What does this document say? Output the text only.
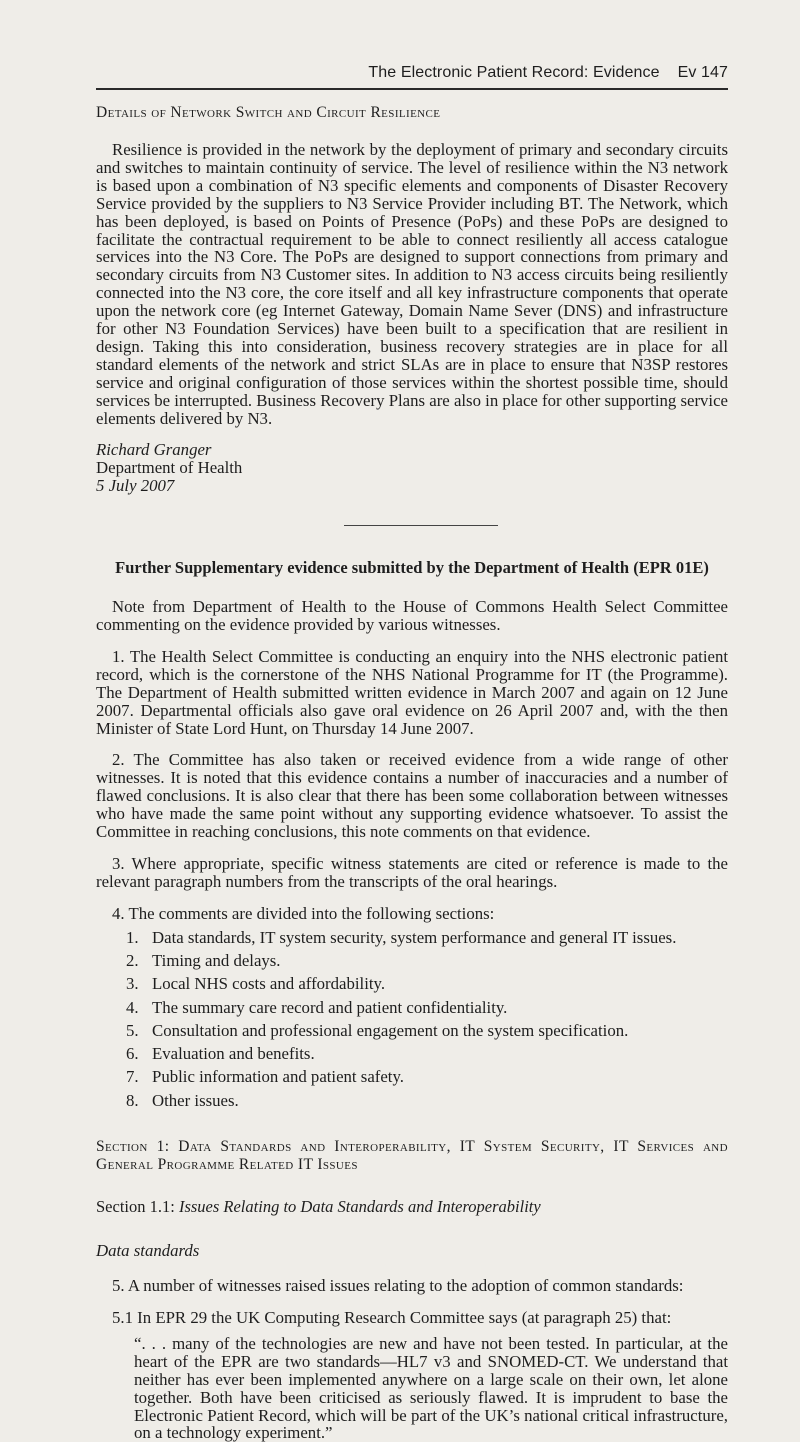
The Electronic Patient Record: Evidence Ev 147
Details of Network Switch and Circuit Resilience

Resilience is provided in the network by the deployment of primary and secondary circuits and switches to maintain continuity of service. The level of resilience within the N3 network is based upon a combination of N3 specific elements and components of Disaster Recovery Service provided by the suppliers to N3 Service Provider including BT. The Network, which has been deployed, is based on Points of Presence (PoPs) and these PoPs are designed to facilitate the contractual requirement to be able to connect resiliently all access catalogue services into the N3 Core. The PoPs are designed to support connections from primary and secondary circuits from N3 Customer sites. In addition to N3 access circuits being resiliently connected into the N3 core, the core itself and all key infrastructure components that operate upon the network core (eg Internet Gateway, Domain Name Sever (DNS) and infrastructure for other N3 Foundation Services) have been built to a specification that are resilient in design. Taking this into consideration, business recovery strategies are in place for all standard elements of the network and strict SLAs are in place to ensure that N3SP restores service and original configuration of those services within the shortest possible time, should services be interrupted. Business Recovery Plans are also in place for other supporting service elements delivered by N3.

Richard Granger
Department of Health
5 July 2007
Further Supplementary evidence submitted by the Department of Health (EPR 01E)

Note from Department of Health to the House of Commons Health Select Committee commenting on the evidence provided by various witnesses.

1. The Health Select Committee is conducting an enquiry into the NHS electronic patient record, which is the cornerstone of the NHS National Programme for IT (the Programme). The Department of Health submitted written evidence in March 2007 and again on 12 June 2007. Departmental officials also gave oral evidence on 26 April 2007 and, with the then Minister of State Lord Hunt, on Thursday 14 June 2007.

2. The Committee has also taken or received evidence from a wide range of other witnesses. It is noted that this evidence contains a number of inaccuracies and a number of flawed conclusions. It is also clear that there has been some collaboration between witnesses who have made the same point without any supporting evidence whatsoever. To assist the Committee in reaching conclusions, this note comments on that evidence.

3. Where appropriate, specific witness statements are cited or reference is made to the relevant paragraph numbers from the transcripts of the oral hearings.

4. The comments are divided into the following sections:

1. Data standards, IT system security, system performance and general IT issues.
2. Timing and delays.
3. Local NHS costs and affordability.
4. The summary care record and patient confidentiality.
5. Consultation and professional engagement on the system specification.
6. Evaluation and benefits.
7. Public information and patient safety.
8. Other issues.
Section 1: Data Standards and Interoperability, IT System Security, IT Services and General Programme Related IT Issues
Section 1.1: Issues Relating to Data Standards and Interoperability
Data standards

5. A number of witnesses raised issues relating to the adoption of common standards:

5.1 In EPR 29 the UK Computing Research Committee says (at paragraph 25) that:

“. . . many of the technologies are new and have not been tested. In particular, at the heart of the EPR are two standards—HL7 v3 and SNOMED-CT. We understand that neither has ever been implemented anywhere on a large scale on their own, let alone together. Both have been criticised as seriously flawed. It is imprudent to base the Electronic Patient Record, which will be part of the UK’s national critical infrastructure, on a technology experiment.”
